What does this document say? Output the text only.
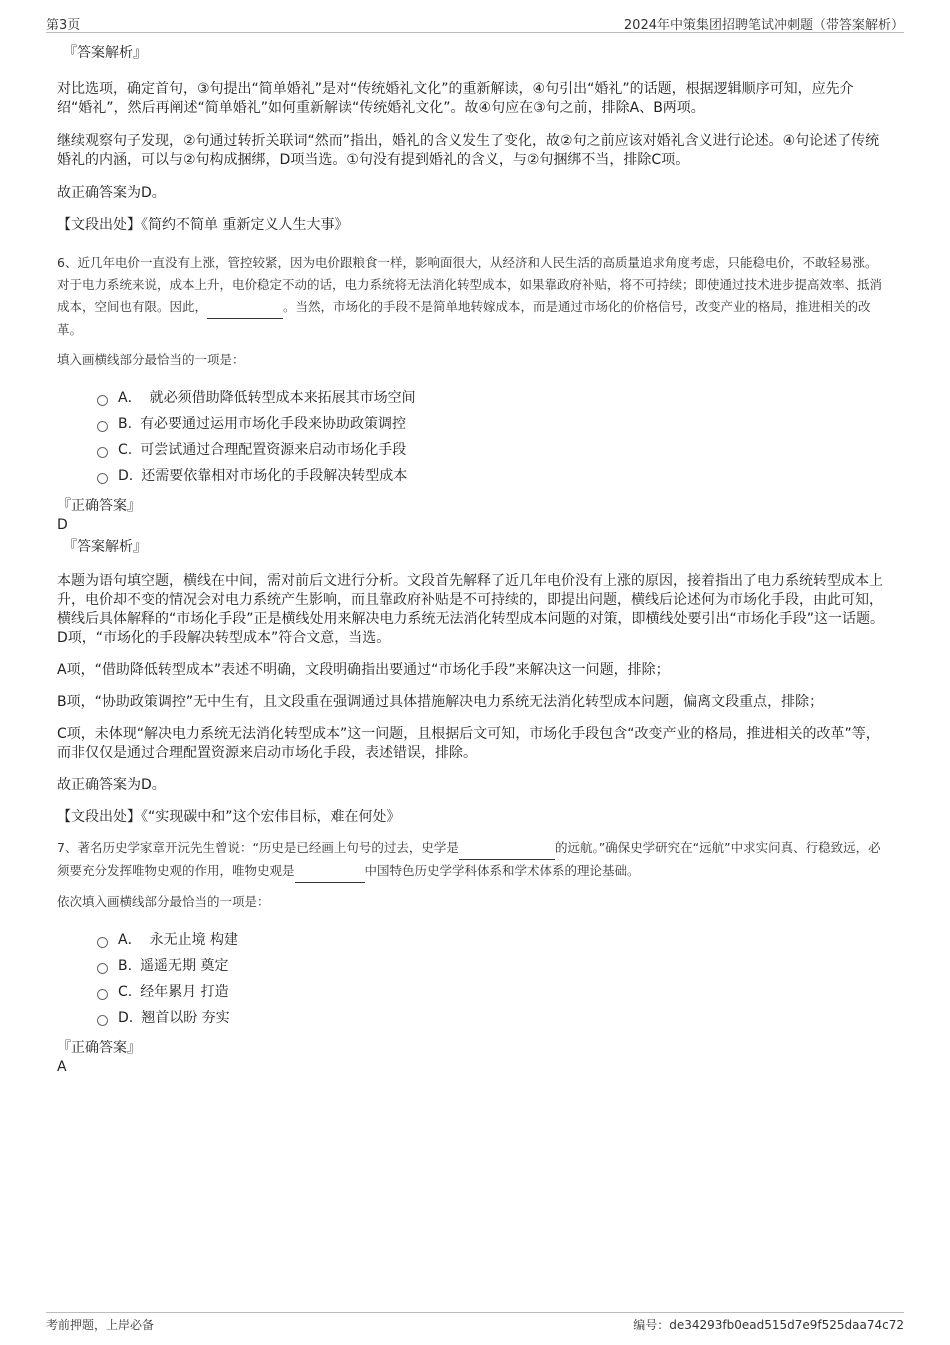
第3页	2024年中策集团招聘笔试冲刺题（带答案解析）
『答案解析』

对比选项，确定首句，③句提出“简单婚礼”是对“传统婚礼文化”的重新解读，④句引出“婚礼”的话题，根据逻辑顺序可知，应先介绍“婚礼”，然后再阐述“简单婚礼”如何重新解读“传统婚礼文化”。故④句应在③句之前，排除A、B两项。

继续观察句子发现，②句通过转折关联词“然而”指出，婚礼的含义发生了变化，故②句之前应该对婚礼含义进行论述。④句论述了传统婚礼的内涵，可以与②句构成捆绑，D项当选。①句没有提到婚礼的含义，与②句捆绑不当，排除C项。

故正确答案为D。

【文段出处】《简约不简单 重新定义人生大事》

6、近几年电价一直没有上涨，管控较紧，因为电价跟粮食一样，影响面很大，从经济和人民生活的高质量追求角度考虑，只能稳电价，不敢轻易涨。对于电力系统来说，成本上升，电价稳定不动的话，电力系统将无法消化转型成本，如果靠政府补贴，将不可持续；即使通过技术进步提高效率、抵消成本，空间也有限。因此，	。当然，市场化的手段不是简单地转嫁成本，而是通过市场化的价格信号，改变产业的格局，推进相关的改革。
填入画横线部分最恰当的一项是：
A． 就必须借助降低转型成本来拓展其市场空间
B. 有必要通过运用市场化手段来协助政策调控
C. 可尝试通过合理配置资源来启动市场化手段
D. 还需要依靠相对市场化的手段解决转型成本
『正确答案』
D
『答案解析』

本题为语句填空题，横线在中间，需对前后文进行分析。文段首先解释了近几年电价没有上涨的原因，接着指出了电力系统转型成本上升，电价却不变的情况会对电力系统产生影响，而且靠政府补贴是不可持续的，即提出问题，横线后论述何为市场化手段，由此可知，横线后具体解释的“市场化手段”正是横线处用来解决电力系统无法消化转型成本问题的对策，即横线处要引出“市场化手段”这一话题。D项，“市场化的手段解决转型成本”符合文意，当选。

A项，“借助降低转型成本”表述不明确，文段明确指出要通过“市场化手段”来解决这一问题，排除；

B项，“协助政策调控”无中生有，且文段重在强调通过具体措施解决电力系统无法消化转型成本问题，偏离文段重点，排除；

C项，未体现“解决电力系统无法消化转型成本”这一问题，且根据后文可知，市场化手段包含“改变产业的格局，推进相关的改革”等，而非仅仅是通过合理配置资源来启动市场化手段，表述错误，排除。

故正确答案为D。

【文段出处】《“实现碳中和”这个宏伟目标，难在何处》

7、著名历史学家章开沅先生曾说：“历史是已经画上句号的过去，史学是	的远航。”确保史学研究在“远航”中求实问真、行稳致远，必须要充分发挥唯物史观的作用，唯物史观是	中国特色历史学学科体系和学术体系的理论基础。
依次填入画横线部分最恰当的一项是：
A． 永无止境 构建
B. 遥遥无期 奠定
C. 经年累月 打造
D. 翘首以盼 夯实
『正确答案』
A
考前押题，上岸必备	编号：de34293fb0ead515d7e9f525daa74c72
